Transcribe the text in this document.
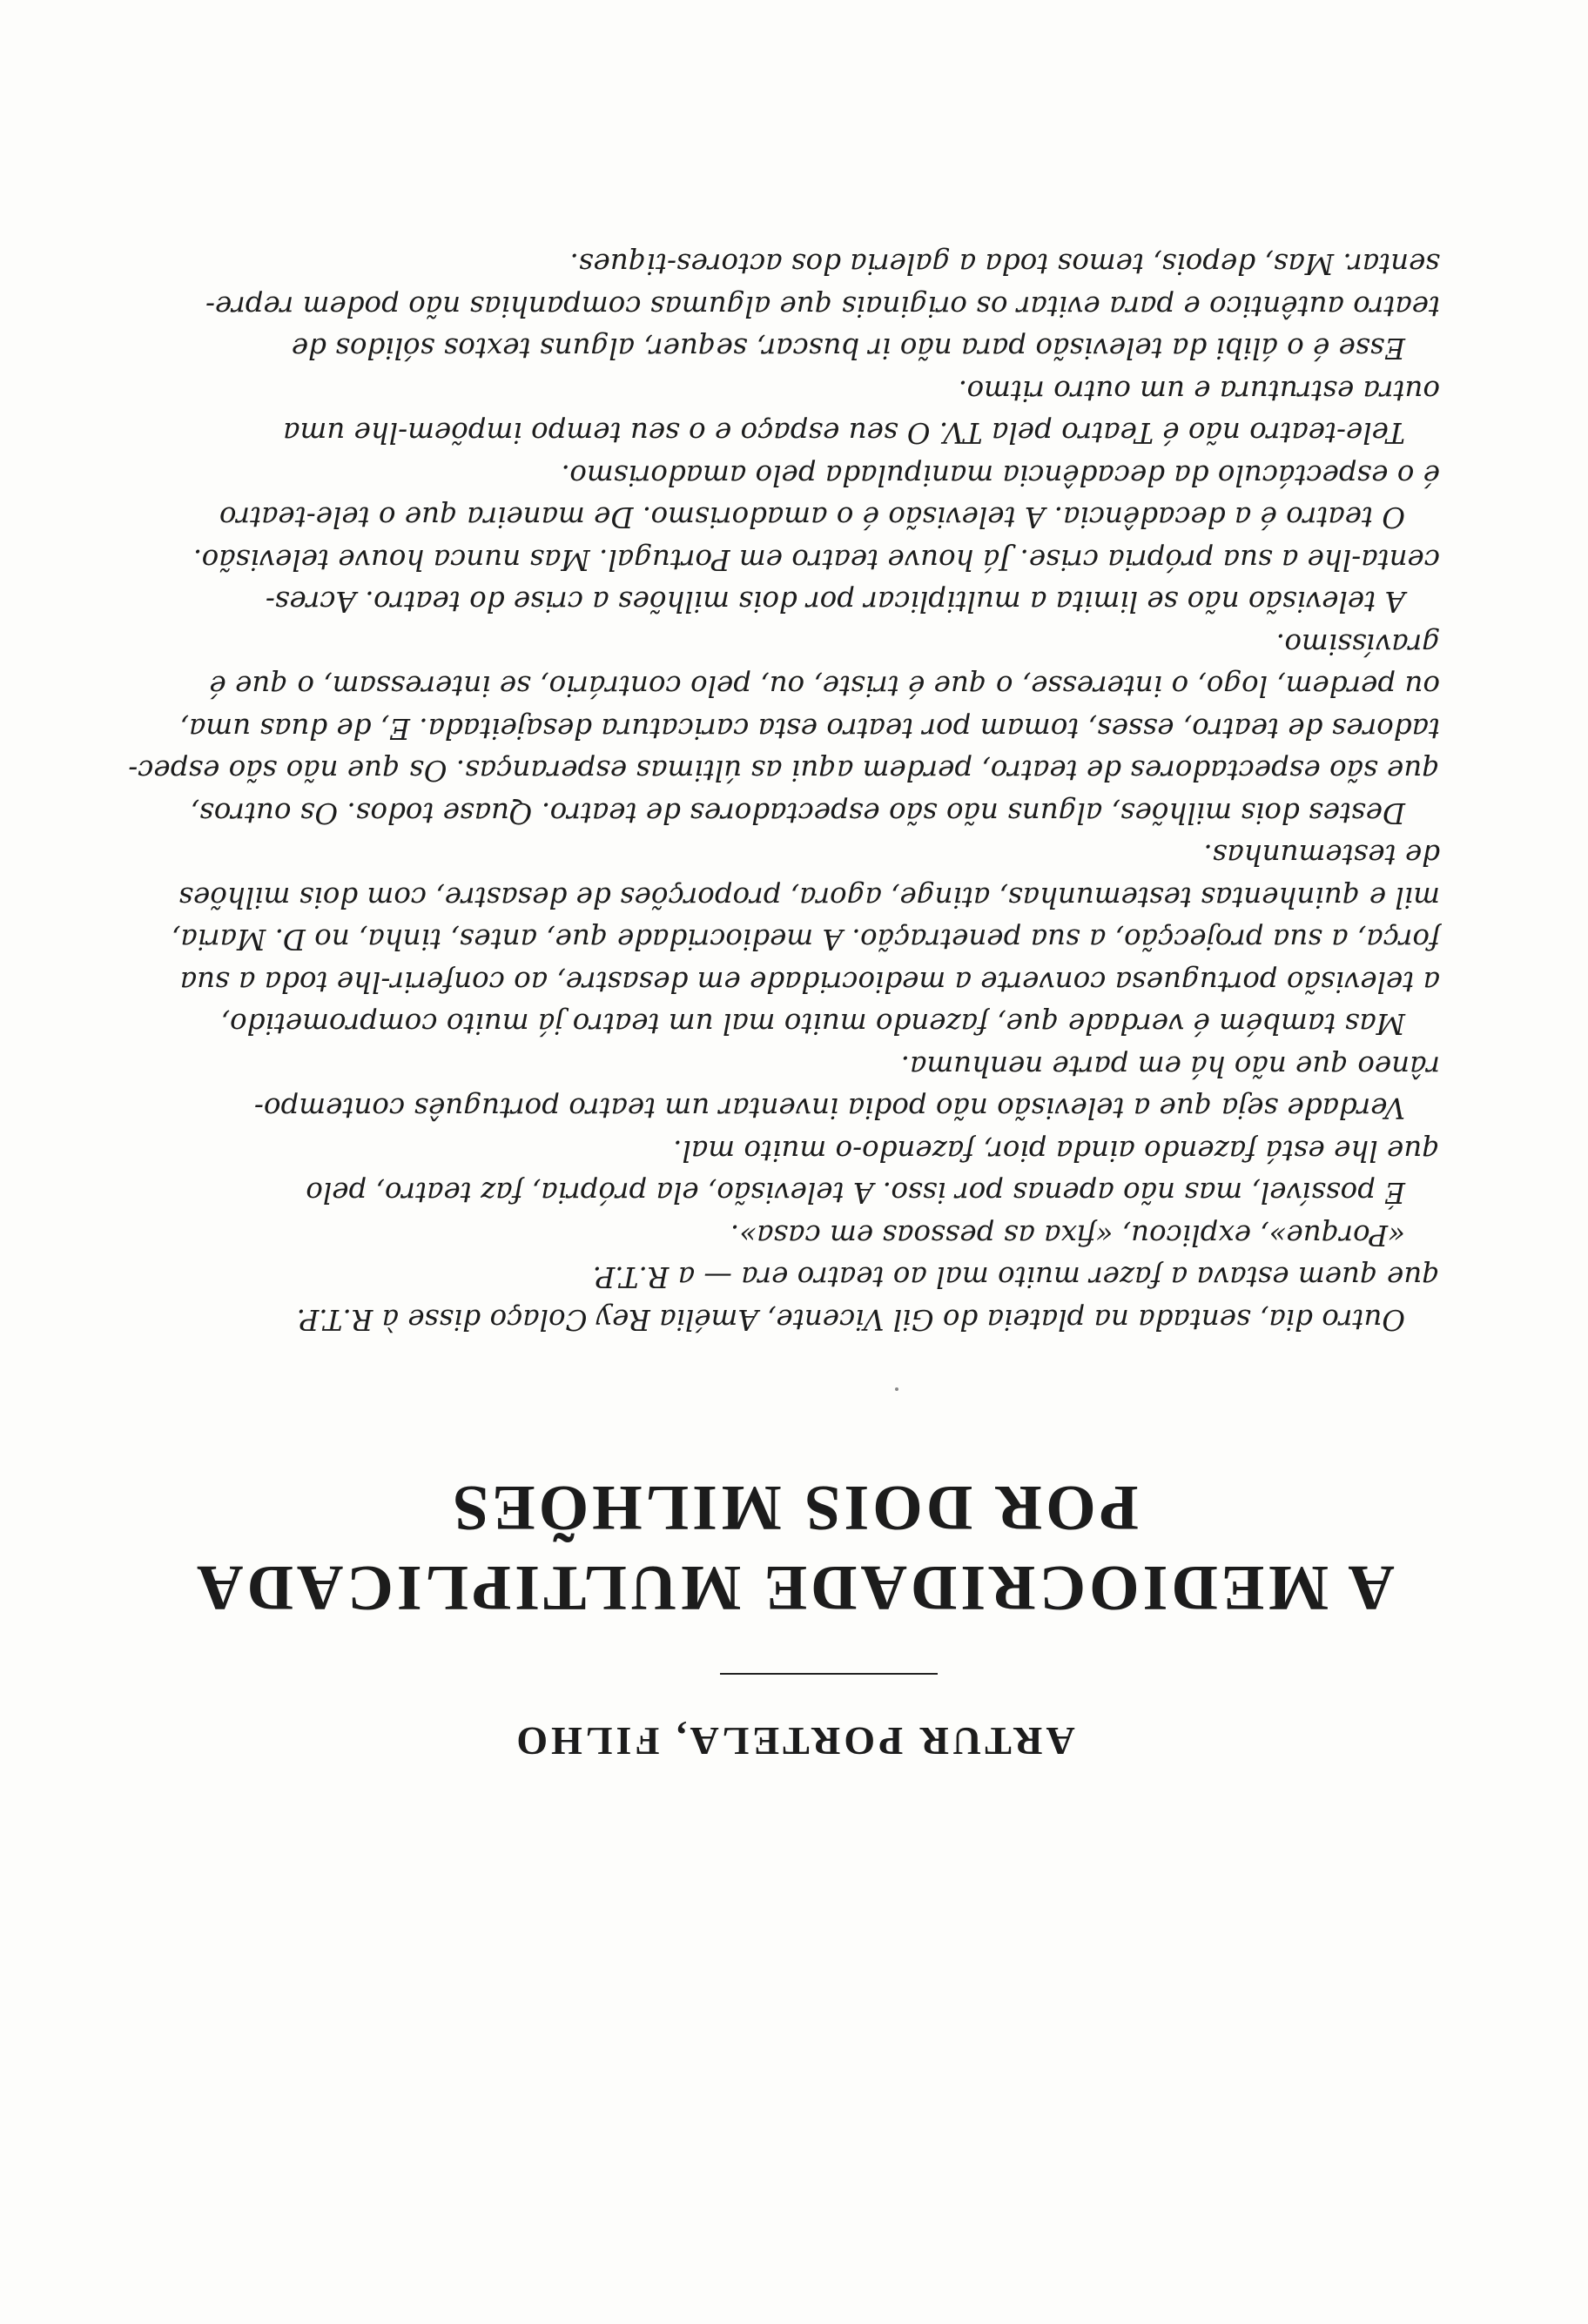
ARTUR PORTELA, FILHO
A MEDIOCRIDADE MULTIPLICADA
POR DOIS MILHÕES
Outro dia, sentada na plateia do Gil Vicente, Amélia Rey Colaço disse à R.T.P.
que quem estava a fazer muito mal ao teatro era — a R.T.P.
«Porque», explicou, «fixa as pessoas em casa».
É possível, mas não apenas por isso. A televisão, ela própria, faz teatro, pelo
que lhe está fazendo ainda pior, fazendo-o muito mal.
Verdade seja que a televisão não podia inventar um teatro português contempo-
râneo que não há em parte nenhuma.
Mas também é verdade que, fazendo muito mal um teatro já muito comprometido,
a televisão portuguesa converte a mediocridade em desastre, ao conferir-lhe toda a sua
força, a sua projecção, a sua penetração. A mediocridade que, antes, tinha, no D. Maria,
mil e quinhentas testemunhas, atinge, agora, proporções de desastre, com dois milhões
de testemunhas.
Destes dois milhões, alguns não são espectadores de teatro. Quase todos. Os outros,
que são espectadores de teatro, perdem aqui as últimas esperanças. Os que não são espec-
tadores de teatro, esses, tomam por teatro esta caricatura desajeitada. E, de duas uma,
ou perdem, logo, o interesse, o que é triste, ou, pelo contrário, se interessam, o que é
gravíssimo.
A televisão não se limita a multiplicar por dois milhões a crise do teatro. Acres-
centa-lhe a sua própria crise. Já houve teatro em Portugal. Mas nunca houve televisão.
O teatro é a decadência. A televisão é o amadorismo. De maneira que o tele-teatro
é o espectáculo da decadência manipulada pelo amadorismo.
Tele-teatro não é Teatro pela TV. O seu espaço e o seu tempo impõem-lhe uma
outra estrutura e um outro ritmo.
Esse é o álibi da televisão para não ir buscar, sequer, alguns textos sólidos de
teatro autêntico e para evitar os originais que algumas companhias não podem repre-
sentar. Mas, depois, temos toda a galeria dos actores-tiques.
